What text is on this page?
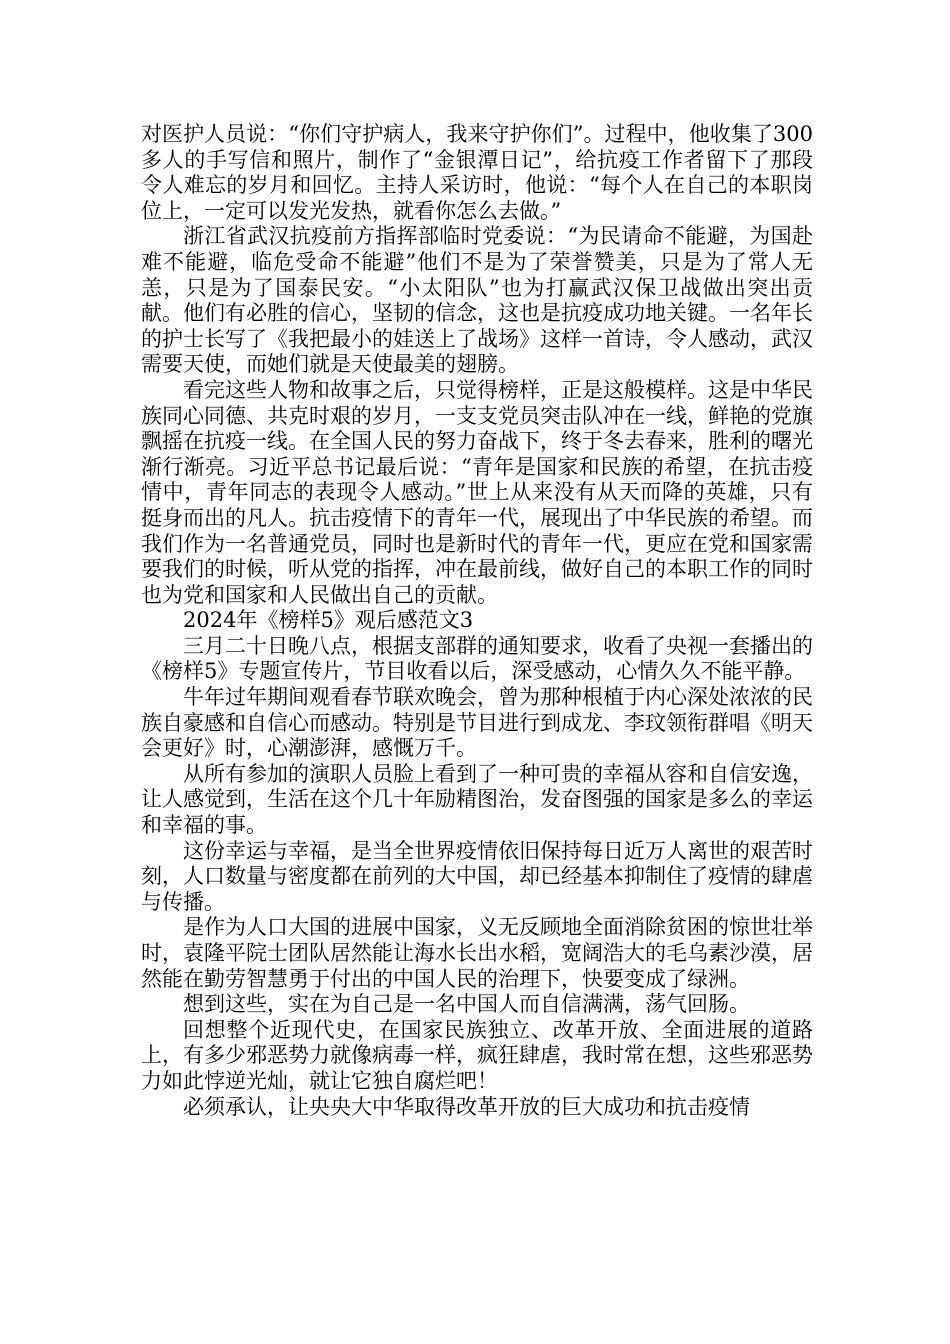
对医护人员说：“你们守护病人，我来守护你们”。过程中，他收集了300多人的手写信和照片，制作了“金银潭日记”，给抗疫工作者留下了那段令人难忘的岁月和回忆。主持人采访时，他说：“每个人在自己的本职岗位上，一定可以发光发热，就看你怎么去做。”

浙江省武汉抗疫前方指挥部临时党委说：“为民请命不能避，为国赴难不能避，临危受命不能避”他们不是为了荣誉赞美，只是为了常人无恙，只是为了国泰民安。“小太阳队”也为打赢武汉保卫战做出突出贡献。他们有必胜的信心，坚韧的信念，这也是抗疫成功地关键。一名年长的护士长写了《我把最小的娃送上了战场》这样一首诗，令人感动，武汉需要天使，而她们就是天使最美的翅膀。

看完这些人物和故事之后，只觉得榜样，正是这般模样。这是中华民族同心同德、共克时艰的岁月，一支支党员突击队冲在一线，鲜艳的党旗飘摇在抗疫一线。在全国人民的努力奋战下，终于冬去春来，胜利的曙光渐行渐亮。习近平总书记最后说：“青年是国家和民族的希望，在抗击疫情中，青年同志的表现令人感动。”世上从来没有从天而降的英雄，只有挺身而出的凡人。抗击疫情下的青年一代，展现出了中华民族的希望。而我们作为一名普通党员，同时也是新时代的青年一代，更应在党和国家需要我们的时候，听从党的指挥，冲在最前线，做好自己的本职工作的同时也为党和国家和人民做出自己的贡献。

2024年《榜样5》观后感范文3

三月二十日晚八点，根据支部群的通知要求，收看了央视一套播出的《榜样5》专题宣传片，节目收看以后，深受感动，心情久久不能平静。

牛年过年期间观看春节联欢晚会，曾为那种根植于内心深处浓浓的民族自豪感和自信心而感动。特别是节目进行到成龙、李玟领衔群唱《明天会更好》时，心潮澎湃，感慨万千。

从所有参加的演职人员脸上看到了一种可贵的幸福从容和自信安逸，让人感觉到，生活在这个几十年励精图治，发奋图强的国家是多么的幸运和幸福的事。

这份幸运与幸福，是当全世界疫情依旧保持每日近万人离世的艰苦时刻，人口数量与密度都在前列的大中国，却已经基本抑制住了疫情的肆虐与传播。

是作为人口大国的进展中国家，义无反顾地全面消除贫困的惊世壮举时，袁隆平院士团队居然能让海水长出水稻，宽阔浩大的毛乌素沙漠，居然能在勤劳智慧勇于付出的中国人民的治理下，快要变成了绿洲。

想到这些，实在为自己是一名中国人而自信满满，荡气回肠。

回想整个近现代史，在国家民族独立、改革开放、全面进展的道路上，有多少邪恶势力就像病毒一样，疯狂肆虐，我时常在想，这些邪恶势力如此悖逆光灿，就让它独自腐烂吧！

必须承认，让央央大中华取得改革开放的巨大成功和抗击疫情
